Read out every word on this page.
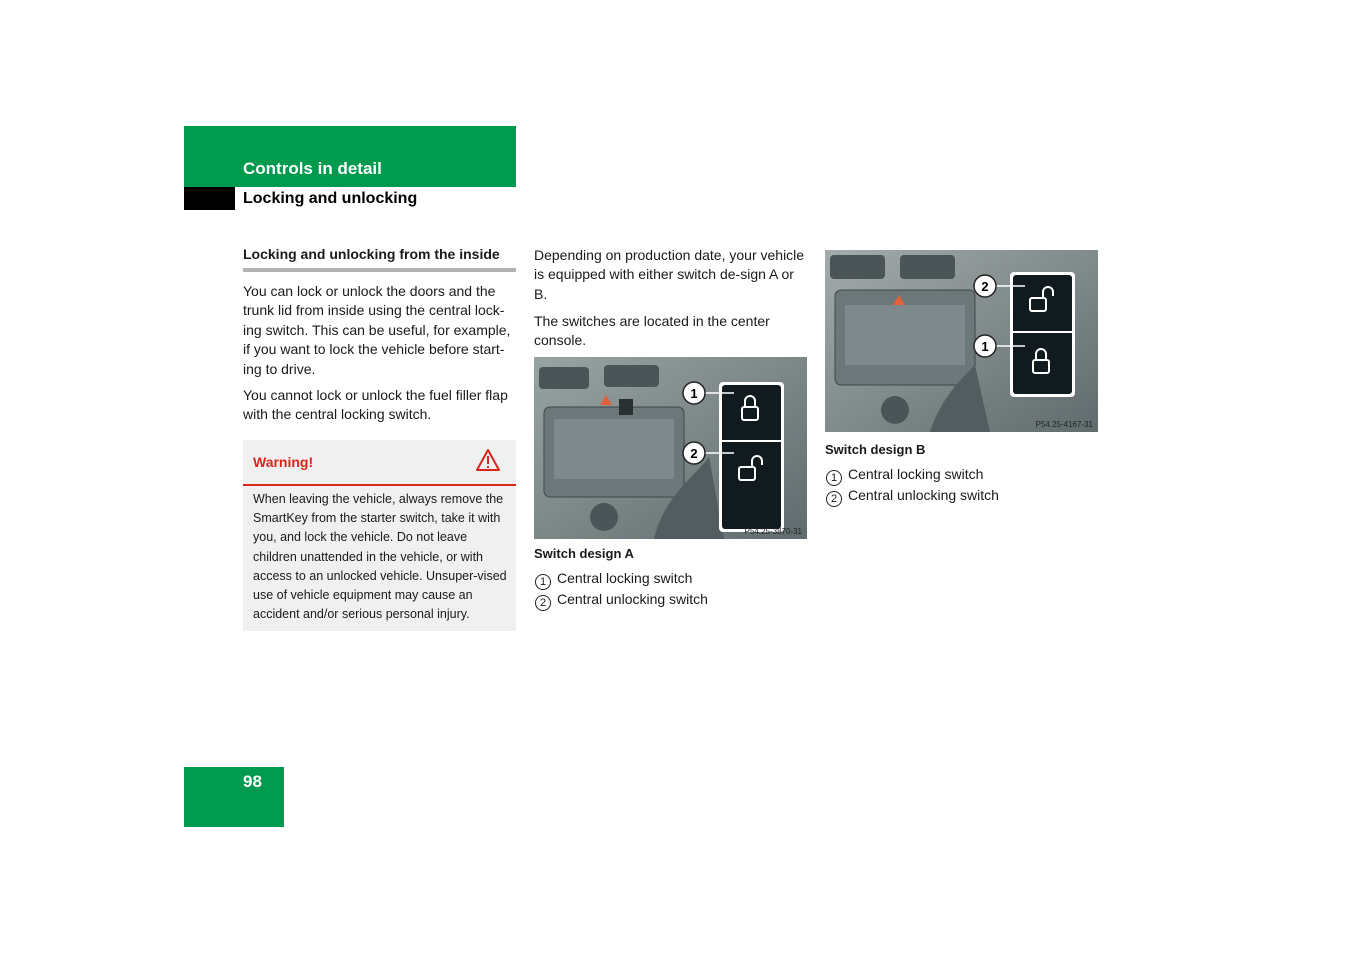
Controls in detail
Locking and unlocking
Locking and unlocking from the inside
You can lock or unlock the doors and the trunk lid from inside using the central lock-ing switch. This can be useful, for example, if you want to lock the vehicle before start-ing to drive.
You cannot lock or unlock the fuel filler flap with the central locking switch.
Warning!
When leaving the vehicle, always remove the SmartKey from the starter switch, take it with you, and lock the vehicle. Do not leave children unattended in the vehicle, or with access to an unlocked vehicle. Unsuper-vised use of vehicle equipment may cause an accident and/or serious personal injury.
Depending on production date, your vehicle is equipped with either switch de-sign A or B.
The switches are located in the center console.
1
2
P54.25-3870-31
Switch design A
1 Central locking switch
2 Central unlocking switch
2
1
P54.25-4167-31
Switch design B
1 Central locking switch
2 Central unlocking switch
98
